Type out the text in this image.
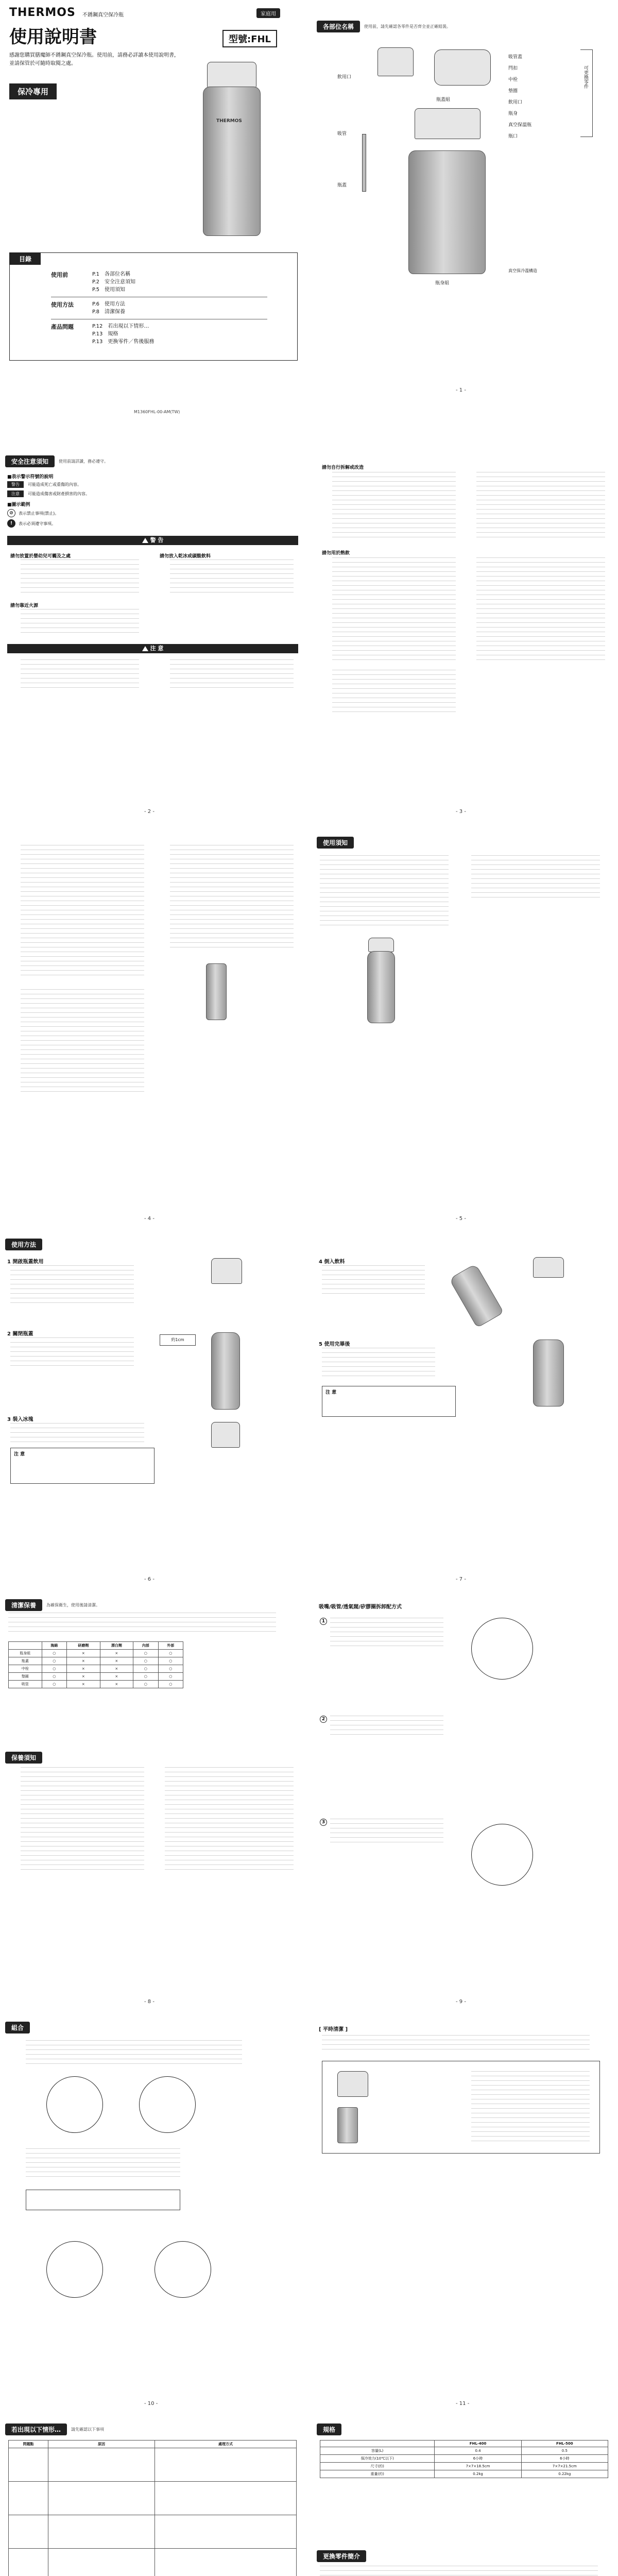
THERMOS 不銹鋼真空保冷瓶	家庭用
使用說明書	型號:FHL
感謝您購買膳魔師不銹鋼真空保冷瓶。使用前，請務必詳讀本使用說明書，並請保管於可隨時取閱之處。
保冷專用
THERMOS
目錄
使用前	P.1　 各部位名稱
P.2　 安全注意須知
P.5　 使用須知
使用方法	P.6　 使用方法
P.8　 清潔保養
產品問題	P.12　 若出現以下情形…
P.13　 規格
P.13　 更換零件／售後服務
M1360FHL-00-AM(TW)
各部位名稱	使用前，請先確認各零件是否齊全並正確組裝。
飲用口
吸管
瓶蓋
吸管蓋
閂扣
中栓
墊圈
飲用口
瓶身
真空保溫瓶
瓶口
真空保冷溫構造
可更換零件
瓶蓋組
瓶身組
- 1 -
安全注意須知	使用前請詳讀，務必遵守。
■表示警示符號的說明
警告	可能造成死亡或重傷的內容。
注意	可能造成傷害或財產損害的內容。
■圖示範例
⊘	表示禁止事項(禁止)。
!	表示必須遵守事項。
警 告
請勿放置於嬰幼兒可觸及之處	請勿放入乾冰或碳酸飲料
請勿靠近火源
注 意
- 2 -
請勿自行拆解或改造
請勿用於熱飲
- 3 -
- 4 -
使用須知
- 5 -
使用方法
1 開啟瓶蓋飲用
2 關閉瓶蓋
約1cm
3 裝入冰塊
注 意
- 6 -
4 倒入飲料
5 使用完畢後
注 意
- 7 -
清潔保養	為確保衛生，使用後請清潔。
	海綿	研磨劑	漂白劑	內部	外部
瓶身組	○	×	×	○	○
瓶蓋	○	×	×	○	○
中栓	○	×	×	○	○
墊圈	○	×	×	○	○
吸管	○	×	×	○	○
保養須知
- 8 -
吸嘴/吸管/透氣閥/矽膠圈拆卸配方式
1
2
3
- 9 -
組合
- 10 -
[ 平時清潔 ]
- 11 -
若出現以下情形…	請先確認以下事項
問題點	原因	處理方式

規格
	FHL-400	FHL-500
容量(L)	0.4	0.5
保冷效力(10℃以下)	6小時	6小時
尺寸(約)	7×7×18.5cm	7×7×21.5cm
重量(約)	0.2kg	0.22kg
更換零件簡介
